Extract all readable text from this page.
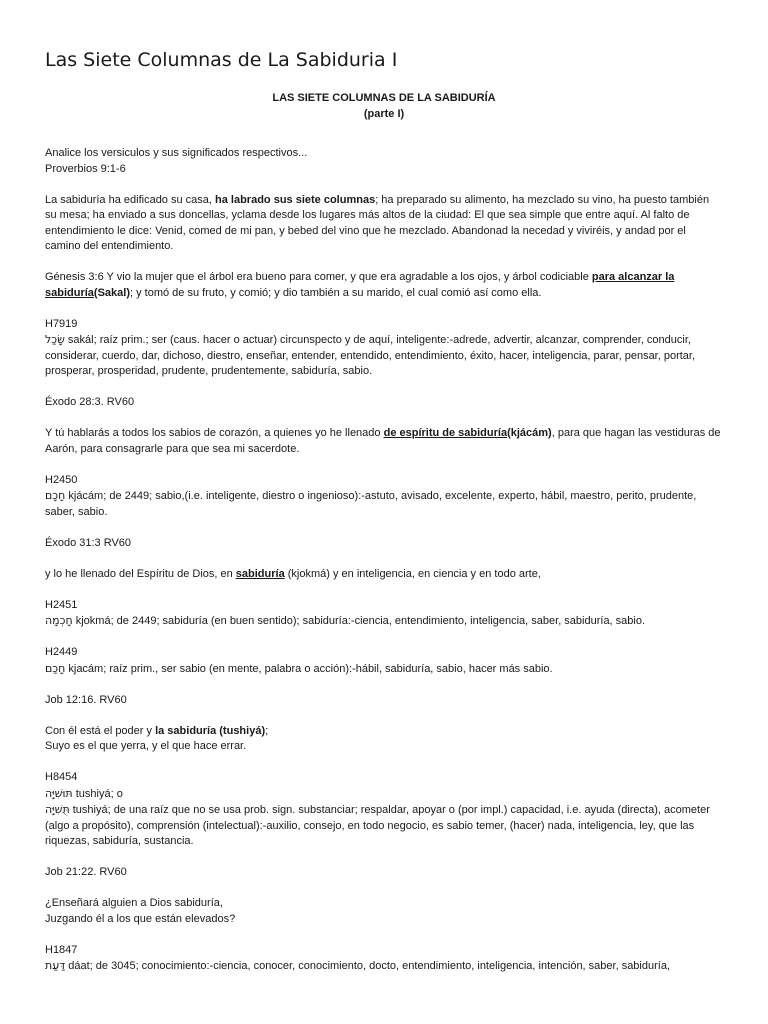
Las Siete Columnas de La Sabiduria I
LAS SIETE COLUMNAS DE LA SABIDURÍA
(parte I)

Analice los versiculos y sus significados respectivos...
Proverbios 9:1-6

La sabiduría ha edificado su casa, ha labrado sus siete columnas; ha preparado su alimento, ha mezclado su vino, ha puesto también su mesa; ha enviado a sus doncellas, yclama desde los lugares más altos de la ciudad: El que sea simple que entre aquí. Al falto de entendimiento le dice: Venid, comed de mi pan, y bebed del vino que he mezclado. Abandonad la necedad y viviréis, y andad por el camino del entendimiento.

Génesis 3:6 Y vio la mujer que el árbol era bueno para comer, y que era agradable a los ojos, y árbol codiciable para alcanzar la sabiduría(Sakal); y tomó de su fruto, y comió; y dio también a su marido, el cual comió así como ella.

H7919
שָׂכַל sakál; raíz prim.; ser (caus. hacer o actuar) circunspecto y de aquí, inteligente:-adrede, advertir, alcanzar, comprender, conducir, considerar, cuerdo, dar, dichoso, diestro, enseñar, entender, entendido, entendimiento, éxito, hacer, inteligencia, parar, pensar, portar, prosperar, prosperidad, prudente, prudentemente, sabiduría, sabio.

Éxodo 28:3. RV60

Y tú hablarás a todos los sabios de corazón, a quienes yo he llenado de espíritu de sabiduría(kjácám), para que hagan las vestiduras de Aarón, para consagrarle para que sea mi sacerdote.

H2450
חָכָם kjácám; de 2449; sabio,(i.e. inteligente, diestro o ingenioso):-astuto, avisado, excelente, experto, hábil, maestro, perito, prudente, saber, sabio.

Éxodo 31:3 RV60

y lo he llenado del Espíritu de Dios, en sabiduría (kjokmá) y en inteligencia, en ciencia y en todo arte,

H2451
חָכְמָה kjokmá; de 2449; sabiduría (en buen sentido); sabiduría:-ciencia, entendimiento, inteligencia, saber, sabiduría, sabio.

H2449
חָכַם kjacám; raíz prim., ser sabio (en mente, palabra o acción):-hábil, sabiduría, sabio, hacer más sabio.

Job 12:16. RV60

Con él está el poder y la sabiduría (tushiyá);
Suyo es el que yerra, y el que hace errar.

H8454
תּוּשִׁיָּה tushiyá; o
תֻּשִׁיָּה tushiyá; de una raíz que no se usa prob. sign. substanciar; respaldar, apoyar o (por impl.) capacidad, i.e. ayuda (directa), acometer (algo a propósito), comprensión (intelectual):-auxilio, consejo, en todo negocio, es sabio temer, (hacer) nada, inteligencia, ley, que las riquezas, sabiduría, sustancia.

Job 21:22. RV60

¿Enseñará alguien a Dios sabiduría,
Juzgando él a los que están elevados?

H1847
דַּעַת dáat; de 3045; conocimiento:-ciencia, conocer, conocimiento, docto, entendimiento, inteligencia, intención, saber, sabiduría,
